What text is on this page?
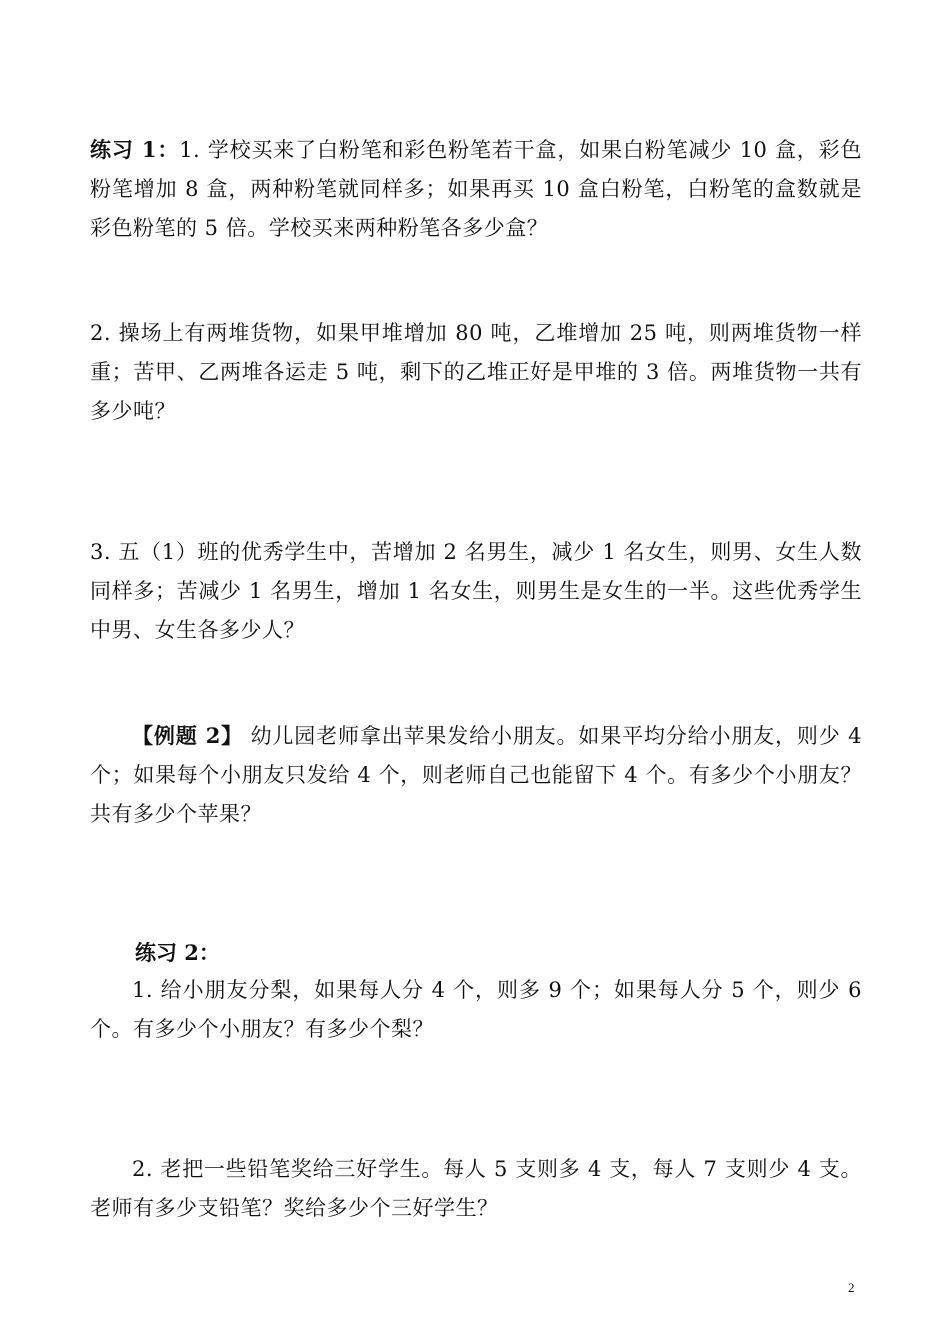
练习 1：1. 学校买来了白粉笔和彩色粉笔若干盒，如果白粉笔减少 10 盒，彩色粉笔增加 8 盒，两种粉笔就同样多；如果再买 10 盒白粉笔，白粉笔的盒数就是彩色粉笔的 5 倍。学校买来两种粉笔各多少盒？
2. 操场上有两堆货物，如果甲堆增加 80 吨，乙堆增加 25 吨，则两堆货物一样重；苦甲、乙两堆各运走 5 吨，剩下的乙堆正好是甲堆的 3 倍。两堆货物一共有多少吨？
3. 五（1）班的优秀学生中，苦增加 2 名男生，减少 1 名女生，则男、女生人数同样多；苦减少 1 名男生，增加 1 名女生，则男生是女生的一半。这些优秀学生中男、女生各多少人？
【例题 2】 幼儿园老师拿出苹果发给小朋友。如果平均分给小朋友，则少 4 个；如果每个小朋友只发给 4 个，则老师自己也能留下 4 个。有多少个小朋友？共有多少个苹果？
练习 2：
1. 给小朋友分梨，如果每人分 4 个，则多 9 个；如果每人分 5 个，则少 6 个。有多少个小朋友？有多少个梨？
2. 老把一些铅笔奖给三好学生。每人 5 支则多 4 支，每人 7 支则少 4 支。老师有多少支铅笔？奖给多少个三好学生？
2
